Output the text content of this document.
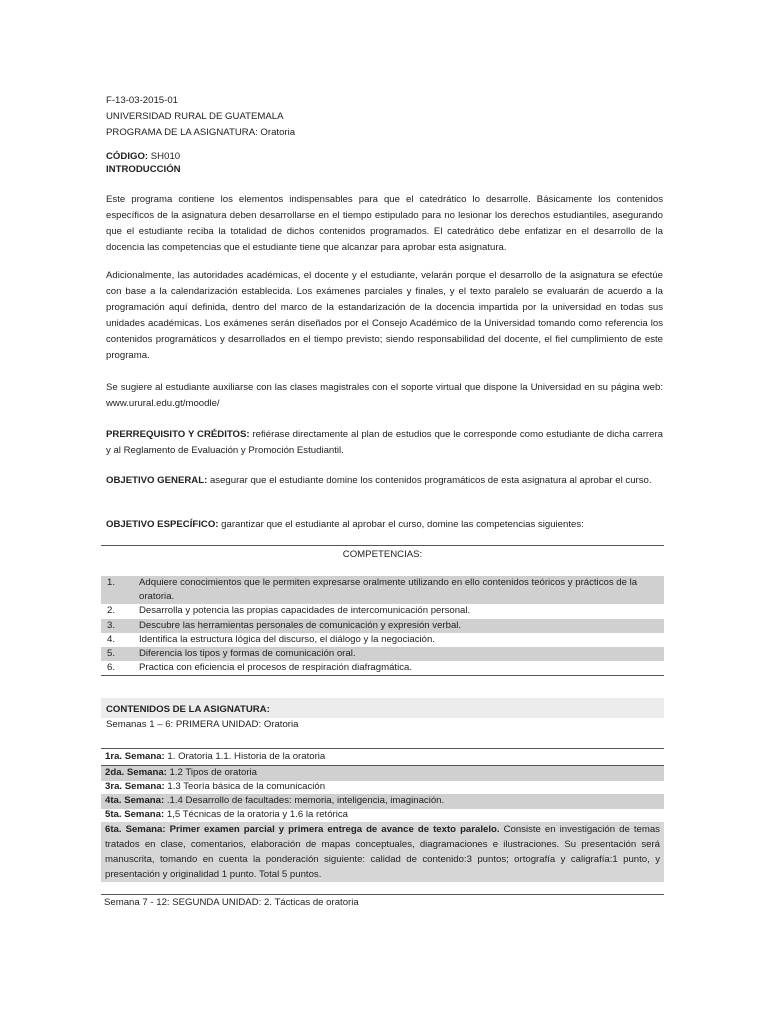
F-13-03-2015-01
UNIVERSIDAD RURAL DE GUATEMALA
PROGRAMA DE LA ASIGNATURA: Oratoria
CÓDIGO: SH010
INTRODUCCIÓN
Este programa contiene los elementos indispensables para que el catedrático lo desarrolle. Básicamente los contenidos específicos de la asignatura deben desarrollarse en el tiempo estipulado para no lesionar los derechos estudiantiles, asegurando que el estudiante reciba la totalidad de dichos contenidos programados. El catedrático debe enfatizar en el desarrollo de la docencia las competencias que el estudiante tiene que alcanzar para aprobar esta asignatura.
Adicionalmente, las autoridades académicas, el docente y el estudiante, velarán porque el desarrollo de la asignatura se efectúe con base a la calendarización establecida. Los exámenes parciales y finales, y el texto paralelo se evaluarán de acuerdo a la programación aquí definida, dentro del marco de la estandarización de la docencia impartida por la universidad en todas sus unidades académicas. Los exámenes serán diseñados por el Consejo Académico de la Universidad tomando como referencia los contenidos programáticos y desarrollados en el tiempo previsto; siendo responsabilidad del docente, el fiel cumplimiento de este programa.
Se sugiere al estudiante auxiliarse con las clases magistrales con el soporte virtual que dispone la Universidad en su página web: www.urural.edu.gt/moodle/
PRERREQUISITO Y CRÉDITOS: refiérase directamente al plan de estudios que le corresponde como estudiante de dicha carrera y al Reglamento de Evaluación y Promoción Estudiantil.
OBJETIVO GENERAL: asegurar que el estudiante domine los contenidos programáticos de esta asignatura al aprobar el curso.
OBJETIVO ESPECÍFICO: garantizar que el estudiante al aprobar el curso, domine las competencias siguientes:
COMPETENCIAS:
1.	Adquiere conocimientos que le permiten expresarse oralmente utilizando en ello contenidos teóricos y prácticos de la oratoria.
2.	Desarrolla y potencia las propias capacidades de intercomunicación personal.
3.	Descubre las herramientas personales de comunicación y expresión verbal.
4.	Identifica la estructura lógica del discurso, el diálogo y la negociación.
5.	Diferencia los tipos y formas de comunicación oral.
6.	Practica con eficiencia el procesos de respiración diafragmática.
CONTENIDOS DE LA ASIGNATURA:
Semanas 1 – 6: PRIMERA UNIDAD: Oratoria
1ra. Semana: 1. Oratoria 1.1. Historia de la oratoria
2da. Semana: 1.2 Tipos de oratoria
3ra. Semana: 1.3 Teoría básica de la comunicación
4ta. Semana: .1.4 Desarrollo de facultades: memoria, inteligencia, imaginación.
5ta. Semana: 1,5 Técnicas de la oratoria y 1.6 la retórica
6ta. Semana: Primer examen parcial y primera entrega de avance de texto paralelo. Consiste en investigación de temas tratados en clase, comentarios, elaboración de mapas conceptuales, diagramaciones e ilustraciones. Su presentación será manuscrita, tomando en cuenta la ponderación siguiente: calidad de contenido:3 puntos; ortografía y caligrafía:1 punto, y presentación y originalidad 1 punto. Total 5 puntos.
Semana 7 - 12: SEGUNDA UNIDAD: 2. Tácticas de oratoria
